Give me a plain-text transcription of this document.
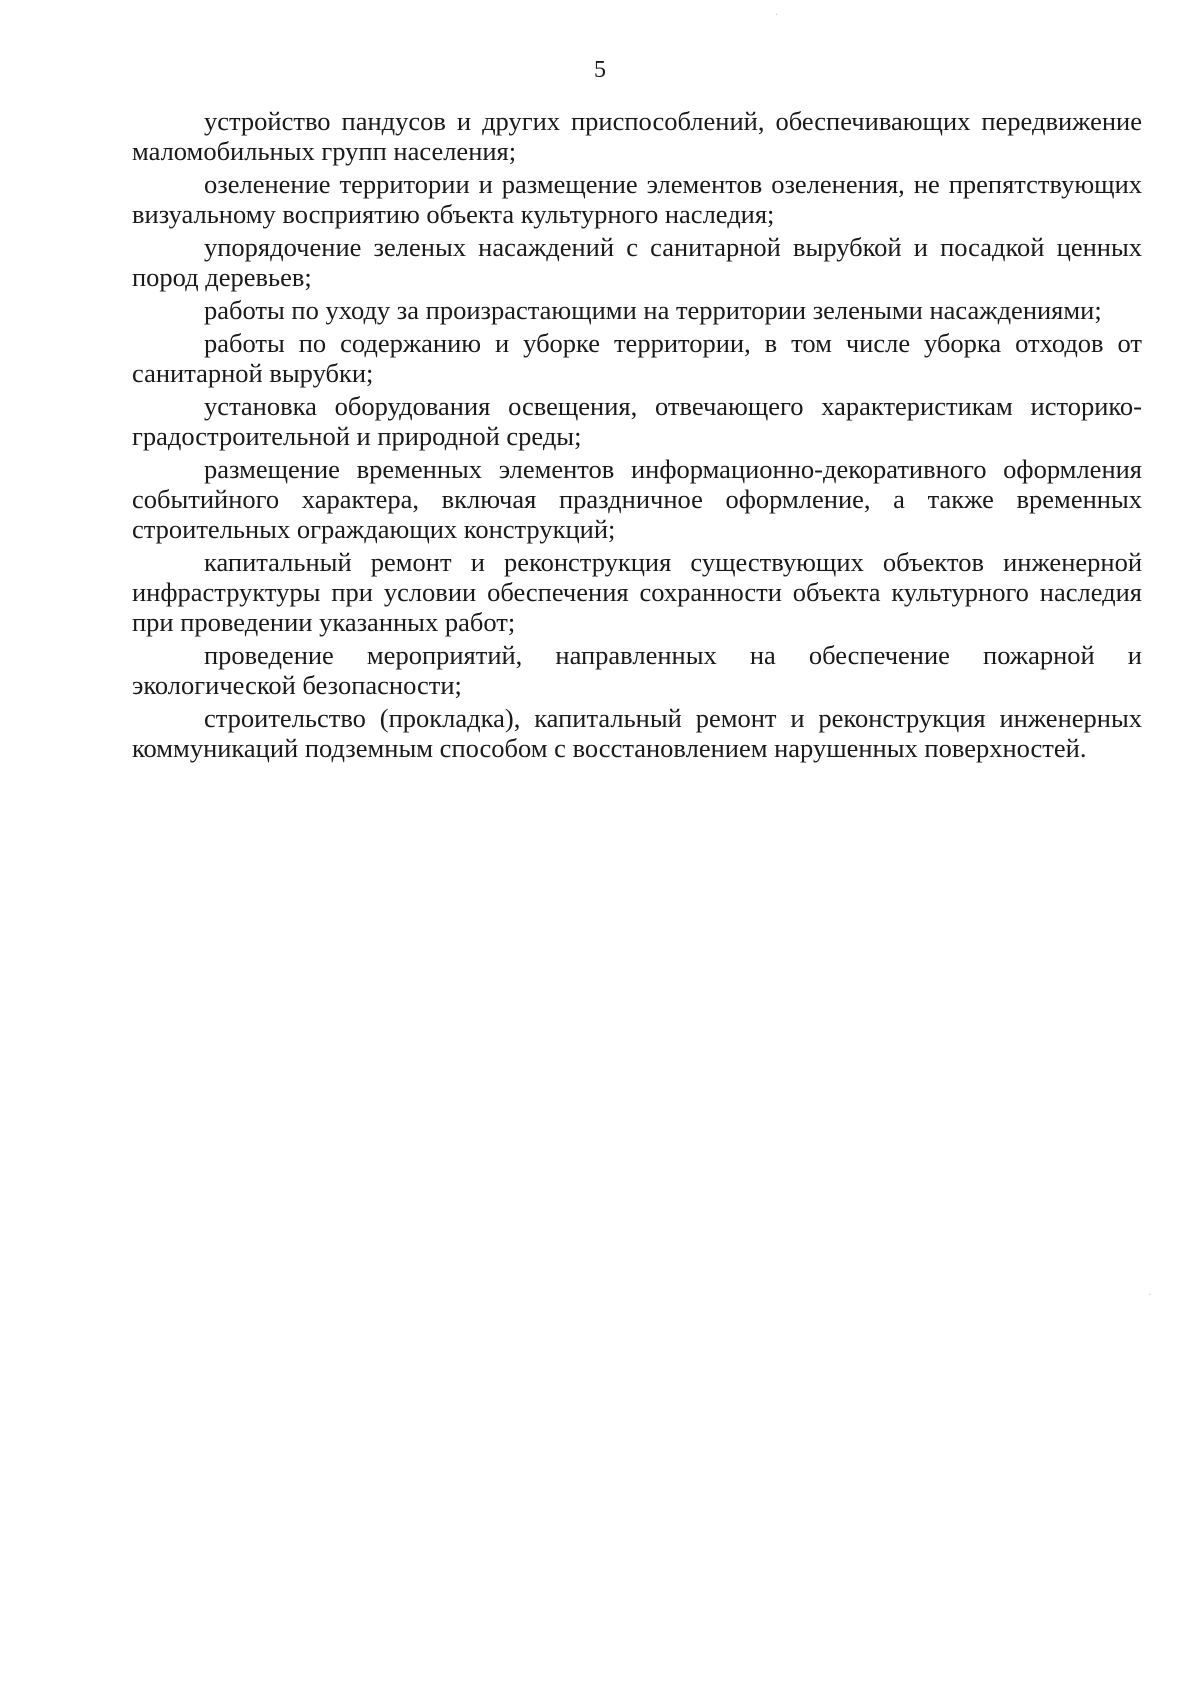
5

устройство пандусов и других приспособлений, обеспечивающих передвижение маломобильных групп населения;

озеленение территории и размещение элементов озеленения, не препятствующих визуальному восприятию объекта культурного наследия;

упорядочение зеленых насаждений с санитарной вырубкой и посадкой ценных пород деревьев;

работы по уходу за произрастающими на территории зелеными насаждениями;

работы по содержанию и уборке территории, в том числе уборка отходов от санитарной вырубки;

установка оборудования освещения, отвечающего характеристикам историко-градостроительной и природной среды;

размещение временных элементов информационно-декоративного оформления событийного характера, включая праздничное оформление, а также временных строительных ограждающих конструкций;

капитальный ремонт и реконструкция существующих объектов инженерной инфраструктуры при условии обеспечения сохранности объекта культурного наследия при проведении указанных работ;

проведение мероприятий, направленных на обеспечение пожарной и экологической безопасности;

строительство (прокладка), капитальный ремонт и реконструкция инженерных коммуникаций подземным способом с восстановлением нарушенных поверхностей.

·
·
